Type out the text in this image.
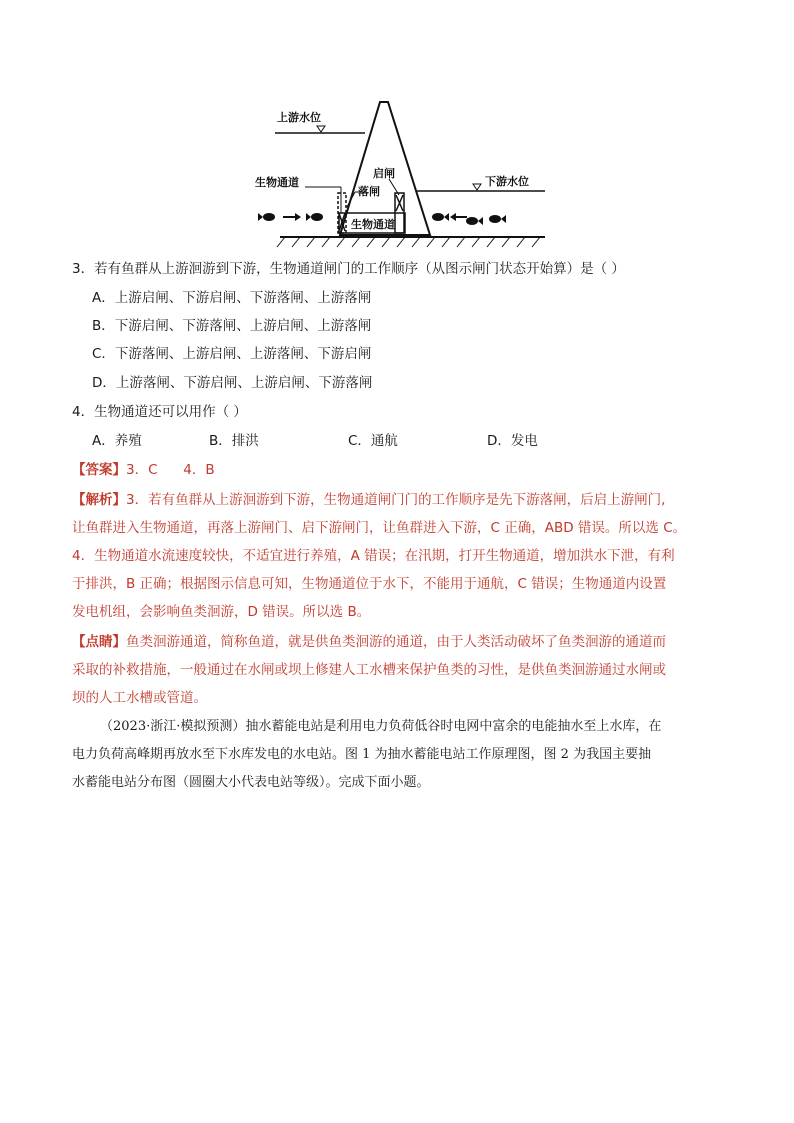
上游水位
下游水位
生物通道
生物通道
启闸
落闸
3．若有鱼群从上游洄游到下游，生物通道闸门的工作顺序（从图示闸门状态开始算）是（ ）
A．上游启闸、下游启闸、下游落闸、上游落闸
B．下游启闸、下游落闸、上游启闸、上游落闸
C．下游落闸、上游启闸、上游落闸、下游启闸
D．上游落闸、下游启闸、上游启闸、下游落闸
4．生物通道还可以用作（ ）
A．养殖	B．排洪	C．通航	D．发电
【答案】3．C      4．B
【解析】3．若有鱼群从上游洄游到下游，生物通道闸门门的工作顺序是先下游落闸，后启上游闸门,
让鱼群进入生物通道，再落上游闸门、启下游闸门，让鱼群进入下游，C 正确，ABD 错误。所以选 C。
4．生物通道水流速度较快，不适宜进行养殖，A 错误；在汛期，打开生物通道，增加洪水下泄，有利
于排洪，B 正确；根据图示信息可知，生物通道位于水下，不能用于通航，C 错误；生物通道内设置
发电机组，会影响鱼类洄游，D 错误。所以选 B。
【点睛】鱼类洄游通道，简称鱼道，就是供鱼类洄游的通道，由于人类活动破坏了鱼类洄游的通道而
采取的补救措施，一般通过在水闸或坝上修建人工水槽来保护鱼类的习性，是供鱼类洄游通过水闸或
坝的人工水槽或管道。
（2023·浙江·模拟预测）抽水蓄能电站是利用电力负荷低谷时电网中富余的电能抽水至上水库，在
电力负荷高峰期再放水至下水库发电的水电站。图 1 为抽水蓄能电站工作原理图，图 2 为我国主要抽
水蓄能电站分布图（圆圈大小代表电站等级）。完成下面小题。
